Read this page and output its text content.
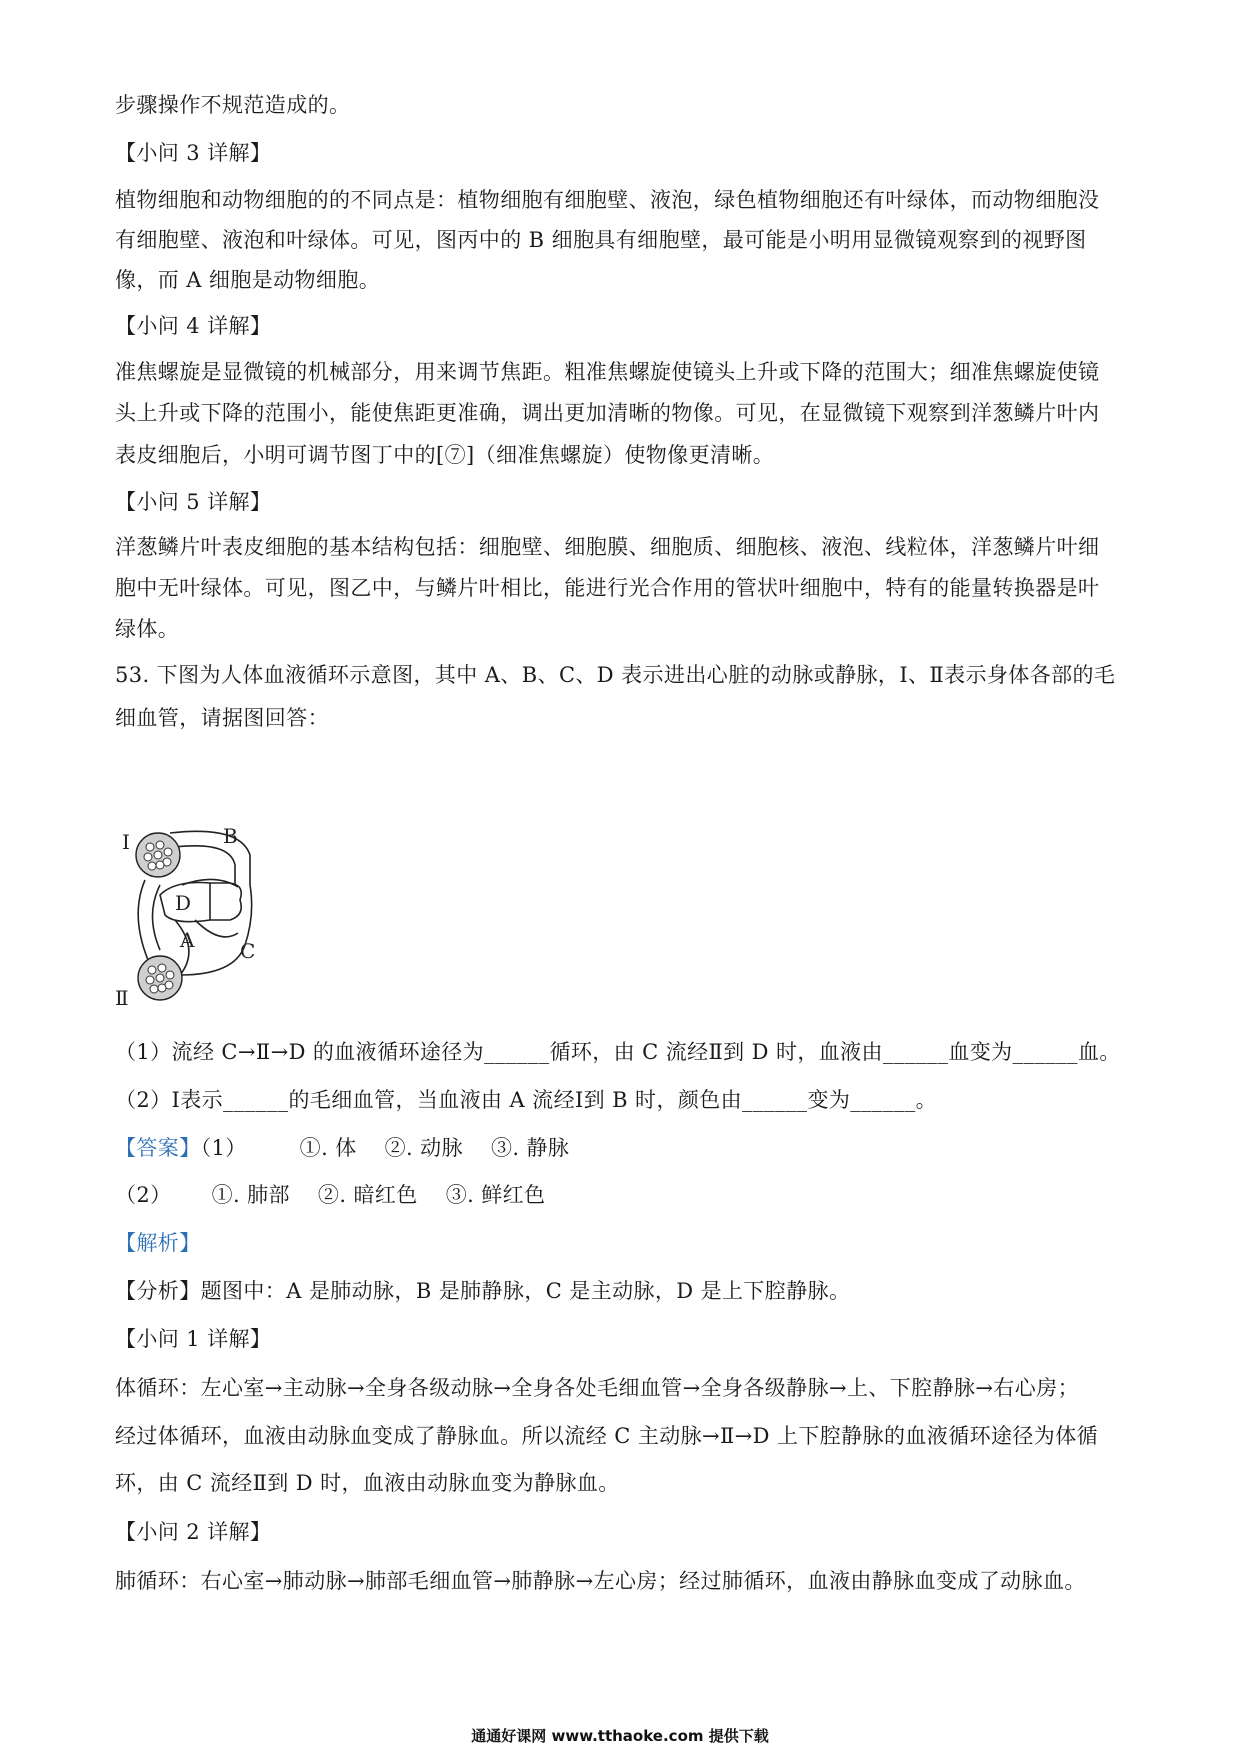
步骤操作不规范造成的。
【小问 3 详解】
植物细胞和动物细胞的的不同点是：植物细胞有细胞壁、液泡，绿色植物细胞还有叶绿体，而动物细胞没
有细胞壁、液泡和叶绿体。可见，图丙中的 B 细胞具有细胞壁，最可能是小明用显微镜观察到的视野图
像，而 A 细胞是动物细胞。
【小问 4 详解】
准焦螺旋是显微镜的机械部分，用来调节焦距。粗准焦螺旋使镜头上升或下降的范围大；细准焦螺旋使镜
头上升或下降的范围小，能使焦距更准确，调出更加清晰的物像。可见，在显微镜下观察到洋葱鳞片叶内
表皮细胞后，小明可调节图丁中的[⑦]（细准焦螺旋）使物像更清晰。
【小问 5 详解】
洋葱鳞片叶表皮细胞的基本结构包括：细胞壁、细胞膜、细胞质、细胞核、液泡、线粒体，洋葱鳞片叶细
胞中无叶绿体。可见，图乙中，与鳞片叶相比，能进行光合作用的管状叶细胞中，特有的能量转换器是叶
绿体。
53. 下图为人体血液循环示意图，其中 A、B、C、D 表示进出心脏的动脉或静脉，Ⅰ、Ⅱ表示身体各部的毛
细血管，请据图回答：
Ⅰ	B
D
A C
Ⅱ
（1）流经 C→Ⅱ→D 的血液循环途径为______循环，由 C 流经Ⅱ到 D 时，血液由______血变为______血。
（2）Ⅰ表示______的毛细血管，当血液由 A 流经Ⅰ到 B 时，颜色由______变为______。
【答案】（1）	①. 体 ②. 动脉 ③. 静脉
（2） ①. 肺部 ②. 暗红色 ③. 鲜红色
【解析】
【分析】题图中：A 是肺动脉，B 是肺静脉，C 是主动脉，D 是上下腔静脉。
【小问 1 详解】
体循环：左心室→主动脉→全身各级动脉→全身各处毛细血管→全身各级静脉→上、下腔静脉→右心房；
经过体循环，血液由动脉血变成了静脉血。所以流经 C 主动脉→Ⅱ→D 上下腔静脉的血液循环途径为体循
环，由 C 流经Ⅱ到 D 时，血液由动脉血变为静脉血。
【小问 2 详解】
肺循环：右心室→肺动脉→肺部毛细血管→肺静脉→左心房；经过肺循环，血液由静脉血变成了动脉血。
通通好课网 www.tthaoke.com 提供下载
